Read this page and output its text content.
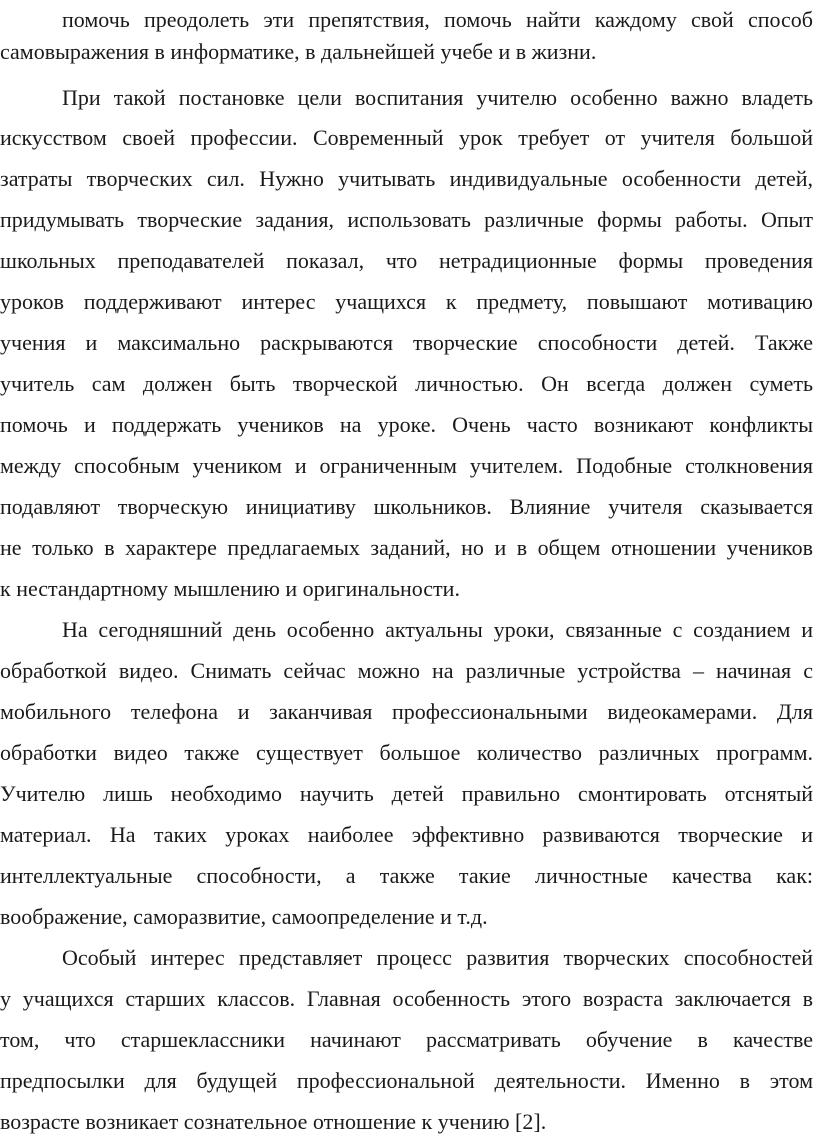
помочь преодолеть эти препятствия, помочь найти каждому свой способ
самовыражения в информатике, в дальнейшей учебе и в жизни.
При такой постановке цели воспитания учителю особенно важно владеть
искусством своей профессии. Современный урок требует от учителя большой
затраты творческих сил. Нужно учитывать индивидуальные особенности детей,
придумывать творческие задания, использовать различные формы работы. Опыт
школьных преподавателей показал, что нетрадиционные формы проведения
уроков поддерживают интерес учащихся к предмету, повышают мотивацию
учения и максимально раскрываются творческие способности детей. Также
учитель сам должен быть творческой личностью. Он всегда должен суметь
помочь и поддержать учеников на уроке. Очень часто возникают конфликты
между способным учеником и ограниченным учителем. Подобные столкновения
подавляют творческую инициативу школьников. Влияние учителя сказывается
не только в характере предлагаемых заданий, но и в общем отношении учеников
к нестандартному мышлению и оригинальности.
На сегодняшний день особенно актуальны уроки, связанные с созданием и
обработкой видео. Снимать сейчас можно на различные устройства – начиная с
мобильного телефона и заканчивая профессиональными видеокамерами. Для
обработки видео также существует большое количество различных программ.
Учителю лишь необходимо научить детей правильно смонтировать отснятый
материал. На таких уроках наиболее эффективно развиваются творческие и
интеллектуальные способности, а также такие личностные качества как:
воображение, саморазвитие, самоопределение и т.д.
Особый интерес представляет процесс развития творческих способностей
у учащихся старших классов. Главная особенность этого возраста заключается в
том, что старшеклассники начинают рассматривать обучение в качестве
предпосылки для будущей профессиональной деятельности. Именно в этом
возрасте возникает сознательное отношение к учению [2].
